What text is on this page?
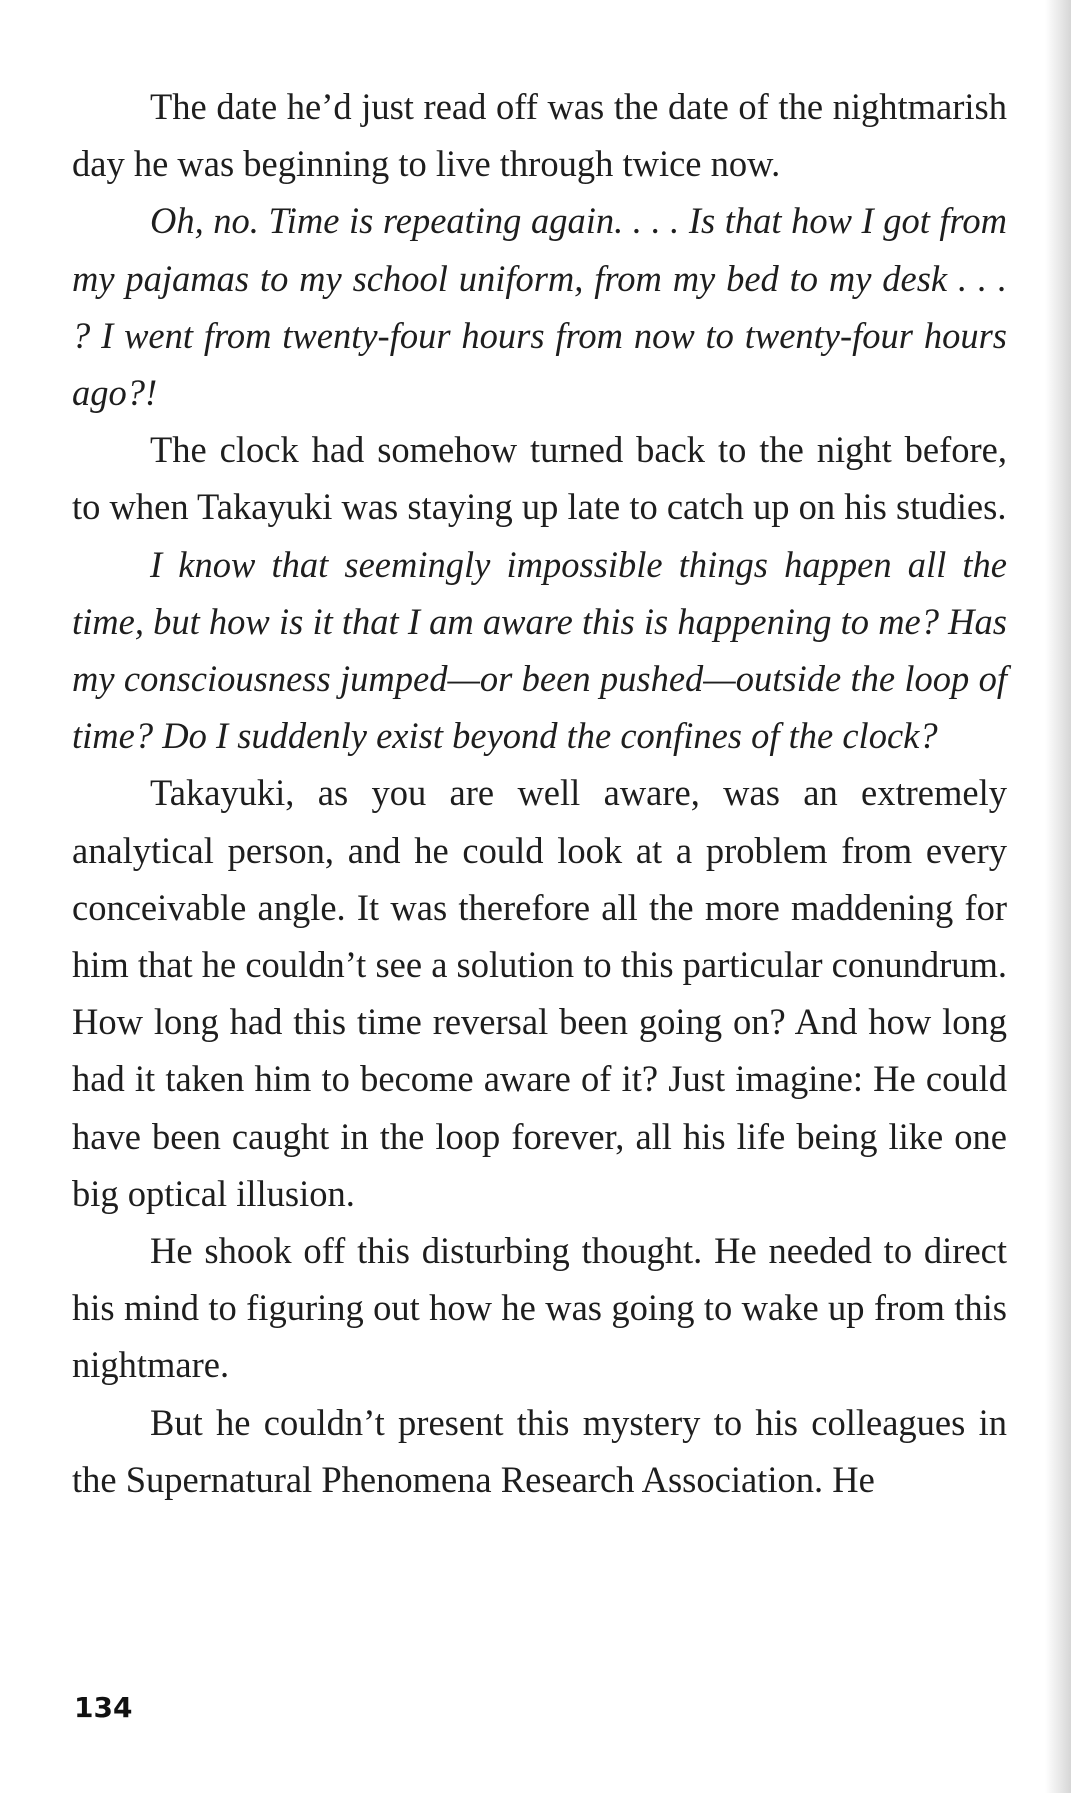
The date he’d just read off was the date of the nightmarish day he was beginning to live through twice now.

Oh, no. Time is repeating again. . . . Is that how I got from my pajamas to my school uniform, from my bed to my desk . . . ? I went from twenty-four hours from now to twenty-four hours ago?!

The clock had somehow turned back to the night before, to when Takayuki was staying up late to catch up on his studies.

I know that seemingly impossible things happen all the time, but how is it that I am aware this is happening to me? Has my consciousness jumped—or been pushed—outside the loop of time? Do I suddenly exist beyond the confines of the clock?

Takayuki, as you are well aware, was an extremely analytical person, and he could look at a problem from every conceivable angle. It was therefore all the more maddening for him that he couldn’t see a solution to this particular conundrum. How long had this time reversal been going on? And how long had it taken him to become aware of it? Just imagine: He could have been caught in the loop forever, all his life being like one big optical illusion.

He shook off this disturbing thought. He needed to direct his mind to figuring out how he was going to wake up from this nightmare.

But he couldn’t present this mystery to his colleagues in the Supernatural Phenomena Research Association. He

134
